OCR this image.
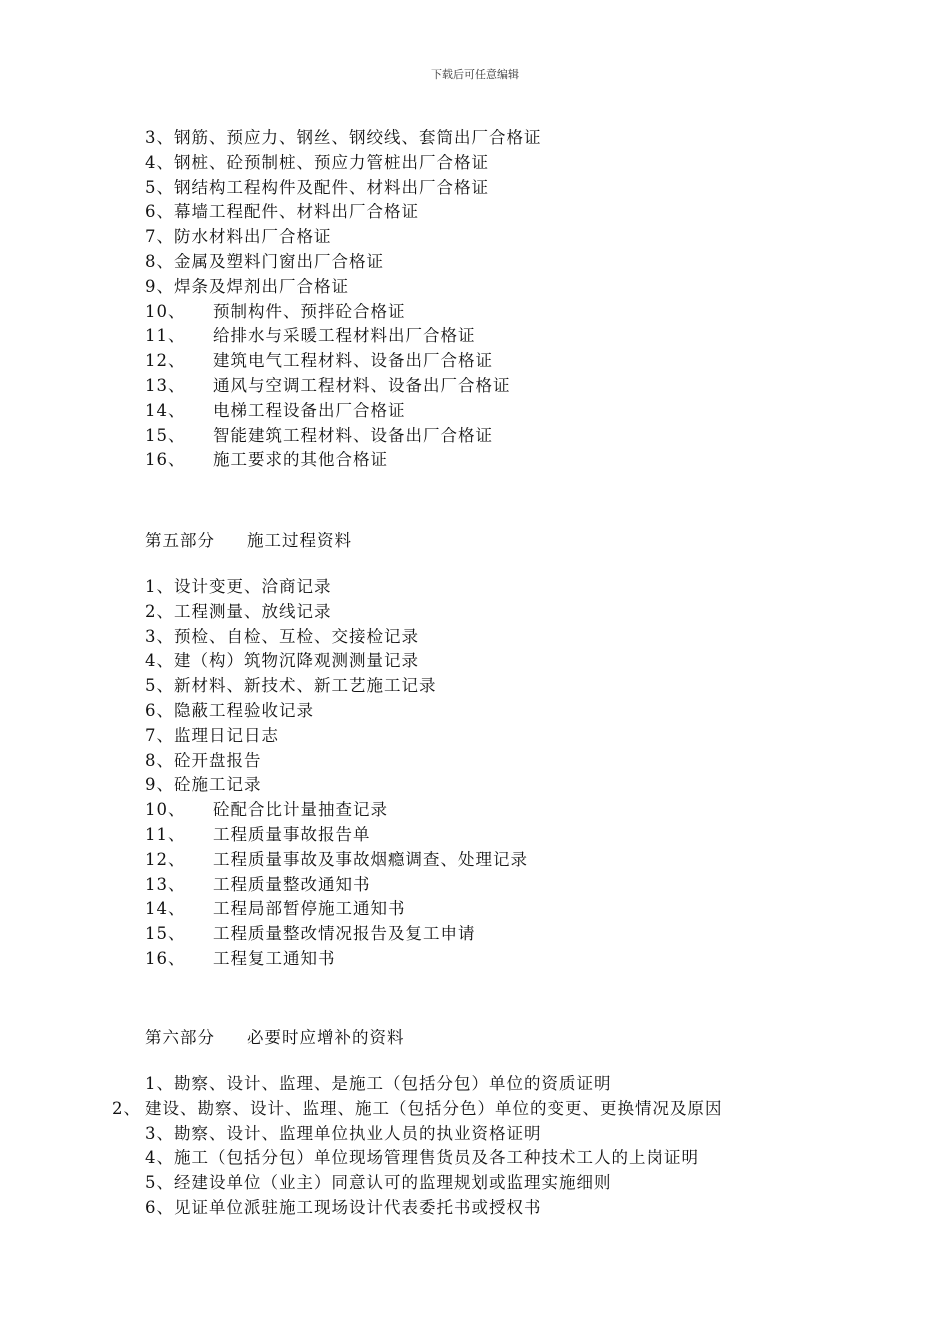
下载后可任意编辑
3、钢筋、预应力、钢丝、钢绞线、套筒出厂合格证
4、钢桩、砼预制桩、预应力管桩出厂合格证
5、钢结构工程构件及配件、材料出厂合格证
6、幕墙工程配件、材料出厂合格证
7、防水材料出厂合格证
8、金属及塑料门窗出厂合格证
9、焊条及焊剂出厂合格证
10、 预制构件、预拌砼合格证
11、 给排水与采暖工程材料出厂合格证
12、 建筑电气工程材料、设备出厂合格证
13、 通风与空调工程材料、设备出厂合格证
14、 电梯工程设备出厂合格证
15、 智能建筑工程材料、设备出厂合格证
16、 施工要求的其他合格证
第五部分 施工过程资料
1、设计变更、洽商记录
2、工程测量、放线记录
3、预检、自检、互检、交接检记录
4、建（构）筑物沉降观测测量记录
5、新材料、新技术、新工艺施工记录
6、隐蔽工程验收记录
7、监理日记日志
8、砼开盘报告
9、砼施工记录
10、 砼配合比计量抽查记录
11、 工程质量事故报告单
12、 工程质量事故及事故烟瘾调查、处理记录
13、 工程质量整改通知书
14、 工程局部暂停施工通知书
15、 工程质量整改情况报告及复工申请
16、 工程复工通知书
第六部分 必要时应增补的资料
1、勘察、设计、监理、是施工（包括分包）单位的资质证明
2、 建设、勘察、设计、监理、施工（包括分色）单位的变更、更换情况及原因
3、勘察、设计、监理单位执业人员的执业资格证明
4、施工（包括分包）单位现场管理售货员及各工种技术工人的上岗证明
5、经建设单位（业主）同意认可的监理规划或监理实施细则
6、见证单位派驻施工现场设计代表委托书或授权书
